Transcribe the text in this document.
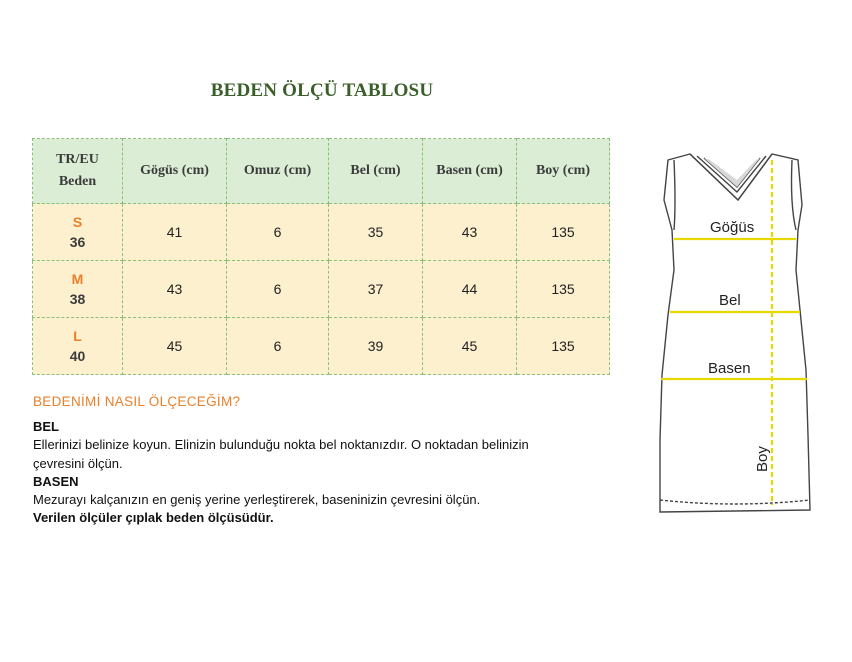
BEDEN ÖLÇÜ TABLOSU
TR/EU
Beden	Gögüs (cm)	Omuz (cm)	Bel (cm)	Basen (cm)	Boy (cm)

S
36	41	6	35	43	135

M
38	43	6	37	44	135

L
40	45	6	39	45	135
BEDENİMİ NASIL ÖLÇECEĞİM?
BEL
Ellerinizi belinize koyun. Elinizin bulunduğu nokta bel noktanızdır. O noktadan belinizin
çevresini ölçün.
BASEN
Mezurayı kalçanızın en geniş yerine yerleştirerek, baseninizin çevresini ölçün.
Verilen ölçüler çıplak beden ölçüsüdür.
Göğüs
Bel
Basen
Boy
